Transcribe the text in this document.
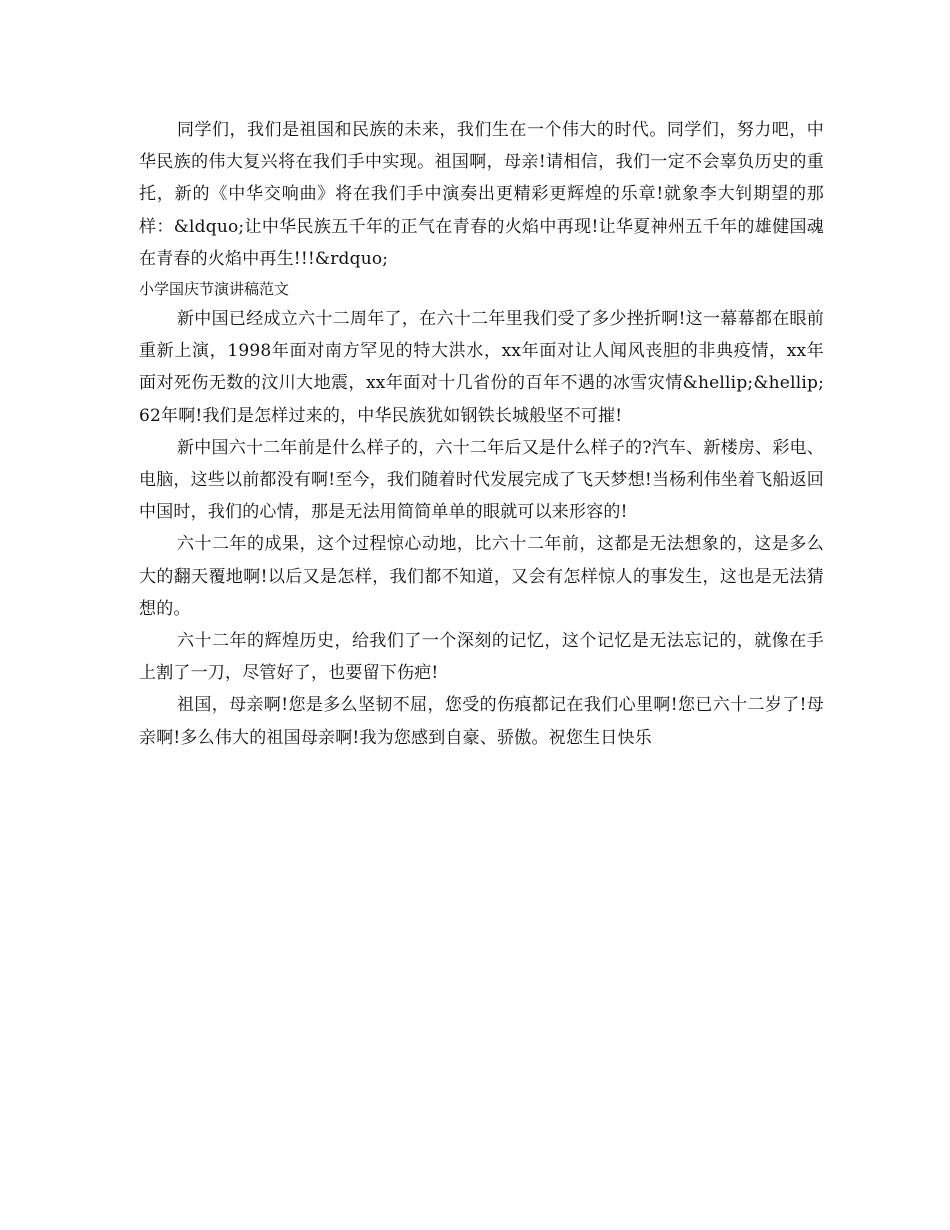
同学们，我们是祖国和民族的未来，我们生在一个伟大的时代。同学们，努力吧，中华民族的伟大复兴将在我们手中实现。祖国啊，母亲!请相信，我们一定不会辜负历史的重托，新的《中华交响曲》将在我们手中演奏出更精彩更辉煌的乐章!就象李大钊期望的那样：&ldquo;让中华民族五千年的正气在青春的火焰中再现!让华夏神州五千年的雄健国魂在青春的火焰中再生!!!&rdquo;

小学国庆节演讲稿范文

新中国已经成立六十二周年了，在六十二年里我们受了多少挫折啊!这一幕幕都在眼前重新上演，1998年面对南方罕见的特大洪水，xx年面对让人闻风丧胆的非典疫情，xx年面对死伤无数的汶川大地震，xx年面对十几省份的百年不遇的冰雪灾情&hellip;&hellip;62年啊!我们是怎样过来的，中华民族犹如钢铁长城般坚不可摧!

新中国六十二年前是什么样子的，六十二年后又是什么样子的?汽车、新楼房、彩电、电脑，这些以前都没有啊!至今，我们随着时代发展完成了飞天梦想!当杨利伟坐着飞船返回中国时，我们的心情，那是无法用简简单单的眼就可以来形容的!

六十二年的成果，这个过程惊心动地，比六十二年前，这都是无法想象的，这是多么大的翻天覆地啊!以后又是怎样，我们都不知道，又会有怎样惊人的事发生，这也是无法猜想的。

六十二年的辉煌历史，给我们了一个深刻的记忆，这个记忆是无法忘记的，就像在手上割了一刀，尽管好了，也要留下伤疤!

祖国，母亲啊!您是多么坚韧不屈，您受的伤痕都记在我们心里啊!您已六十二岁了!母亲啊!多么伟大的祖国母亲啊!我为您感到自豪、骄傲。祝您生日快乐
